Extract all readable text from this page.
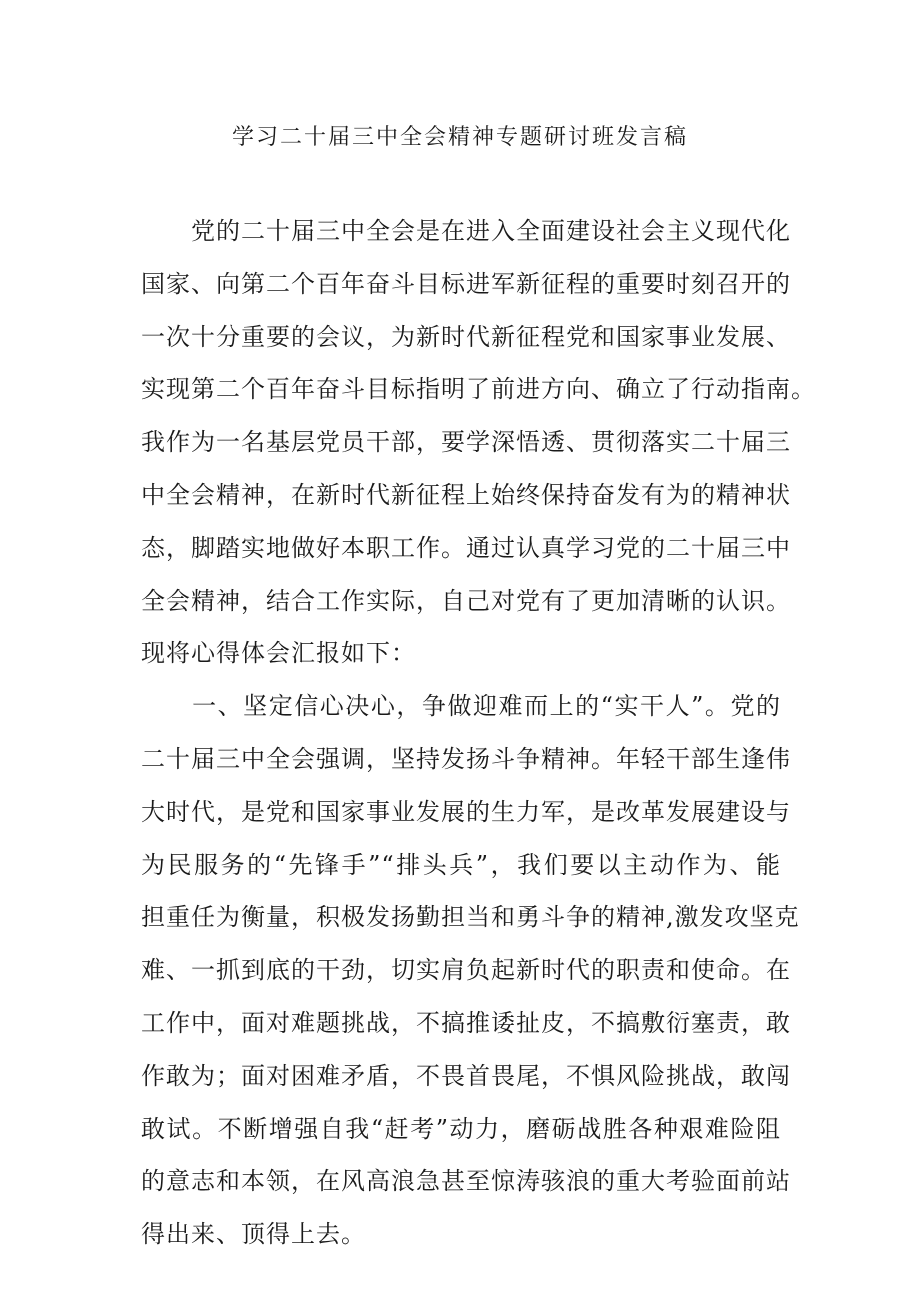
学习二十届三中全会精神专题研讨班发言稿
　　党的二十届三中全会是在进入全面建设社会主义现代化
国家、向第二个百年奋斗目标进军新征程的重要时刻召开的
一次十分重要的会议，为新时代新征程党和国家事业发展、
实现第二个百年奋斗目标指明了前进方向、确立了行动指南。
我作为一名基层党员干部，要学深悟透、贯彻落实二十届三
中全会精神，在新时代新征程上始终保持奋发有为的精神状
态，脚踏实地做好本职工作。通过认真学习党的二十届三中
全会精神，结合工作实际，自己对党有了更加清晰的认识。
现将心得体会汇报如下：
　　一、坚定信心决心，争做迎难而上的“实干人”。党的
二十届三中全会强调，坚持发扬斗争精神。年轻干部生逢伟
大时代，是党和国家事业发展的生力军，是改革发展建设与
为民服务的“先锋手”“排头兵”，我们要以主动作为、能
担重任为衡量，积极发扬勤担当和勇斗争的精神,激发攻坚克
难、一抓到底的干劲，切实肩负起新时代的职责和使命。在
工作中，面对难题挑战，不搞推诿扯皮，不搞敷衍塞责，敢
作敢为；面对困难矛盾，不畏首畏尾，不惧风险挑战，敢闯
敢试。不断增强自我“赶考”动力，磨砺战胜各种艰难险阻
的意志和本领，在风高浪急甚至惊涛骇浪的重大考验面前站
得出来、顶得上去。
